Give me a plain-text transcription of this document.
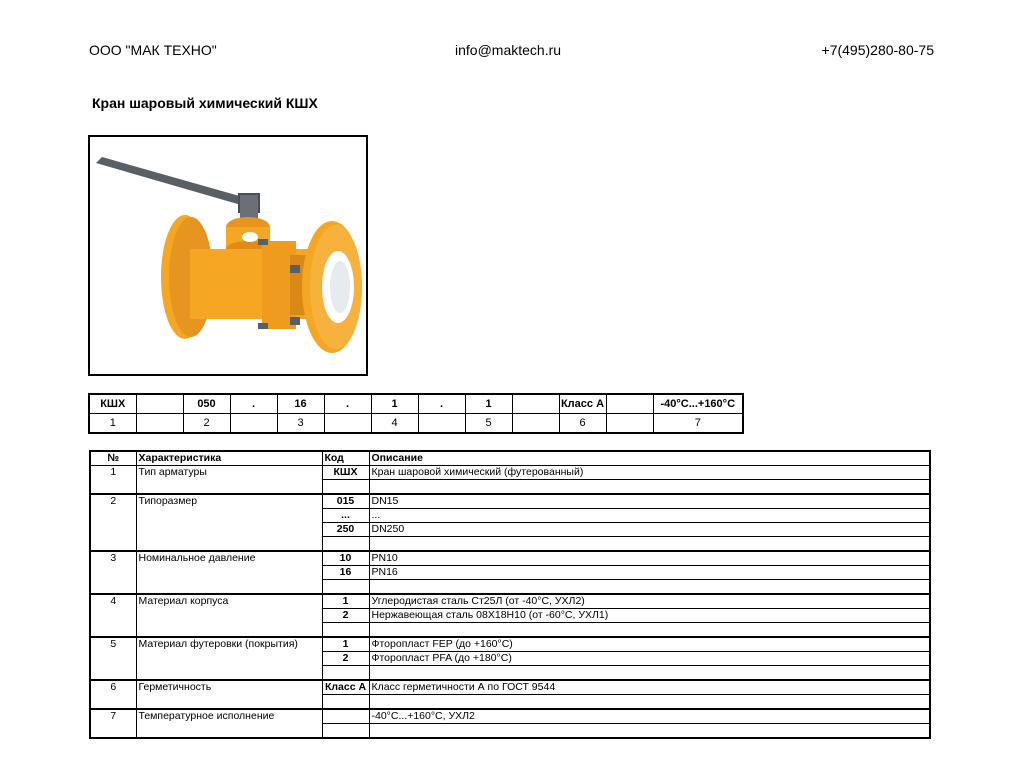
ООО "МАК ТЕХНО"	info@maktech.ru	+7(495)280-80-75
Кран шаровый химический КШХ
КШХ		050	.	16	.	1	.	1		Класс А		-40°С...+160°С
1		2		3		4		5		6		7
№	Характеристика	Код	Описание
1	Тип арматуры	КШХ	Кран шаровой химический (футерованный)

2	Типоразмер	015	DN15
		...	...
		250	DN250

3	Номинальное давление	10	PN10
		16	PN16

4	Материал корпуса	1	Углеродистая сталь Ст25Л (от -40°С, УХЛ2)
		2	Нержавеющая сталь 08Х18Н10 (от -60°С, УХЛ1)

5	Материал футеровки (покрытия)	1	Фторопласт FEP (до +160°С)
		2	Фторопласт PFA (до +180°С)

6	Герметичность	Класс А	Класс герметичности А по ГОСТ 9544

7	Температурное исполнение		-40°С...+160°С, УХЛ2
